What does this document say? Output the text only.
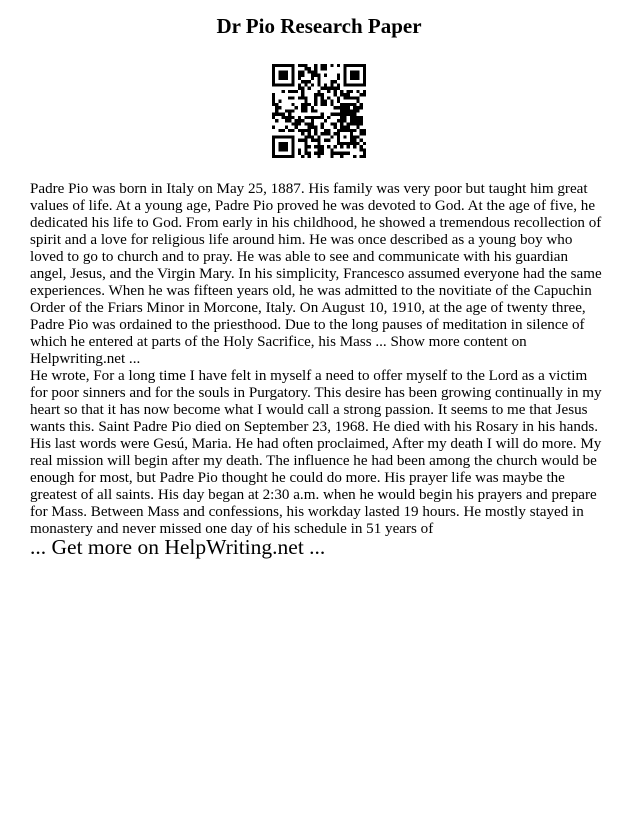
Dr Pio Research Paper

Padre Pio was born in Italy on May 25, 1887. His family was very poor but taught him great values of life. At a young age, Padre Pio proved he was devoted to God. At the age of five, he dedicated his life to God. From early in his childhood, he showed a tremendous recollection of spirit and a love for religious life around him. He was once described as a young boy who loved to go to church and to pray. He was able to see and communicate with his guardian angel, Jesus, and the Virgin Mary. In his simplicity, Francesco assumed everyone had the same experiences. When he was fifteen years old, he was admitted to the novitiate of the Capuchin Order of the Friars Minor in Morcone, Italy. On August 10, 1910, at the age of twenty three, Padre Pio was ordained to the priesthood. Due to the long pauses of meditation in silence of which he entered at parts of the Holy Sacrifice, his Mass ... Show more content on Helpwriting.net ...

He wrote, For a long time I have felt in myself a need to offer myself to the Lord as a victim for poor sinners and for the souls in Purgatory. This desire has been growing continually in my heart so that it has now become what I would call a strong passion. It seems to me that Jesus wants this. Saint Padre Pio died on September 23, 1968. He died with his Rosary in his hands. His last words were Gesú, Maria. He had often proclaimed, After my death I will do more. My real mission will begin after my death. The influence he had been among the church would be enough for most, but Padre Pio thought he could do more. His prayer life was maybe the greatest of all saints. His day began at 2:30 a.m. when he would begin his prayers and prepare for Mass. Between Mass and confessions, his workday lasted 19 hours. He mostly stayed in monastery and never missed one day of his schedule in 51 years of

... Get more on HelpWriting.net ...
